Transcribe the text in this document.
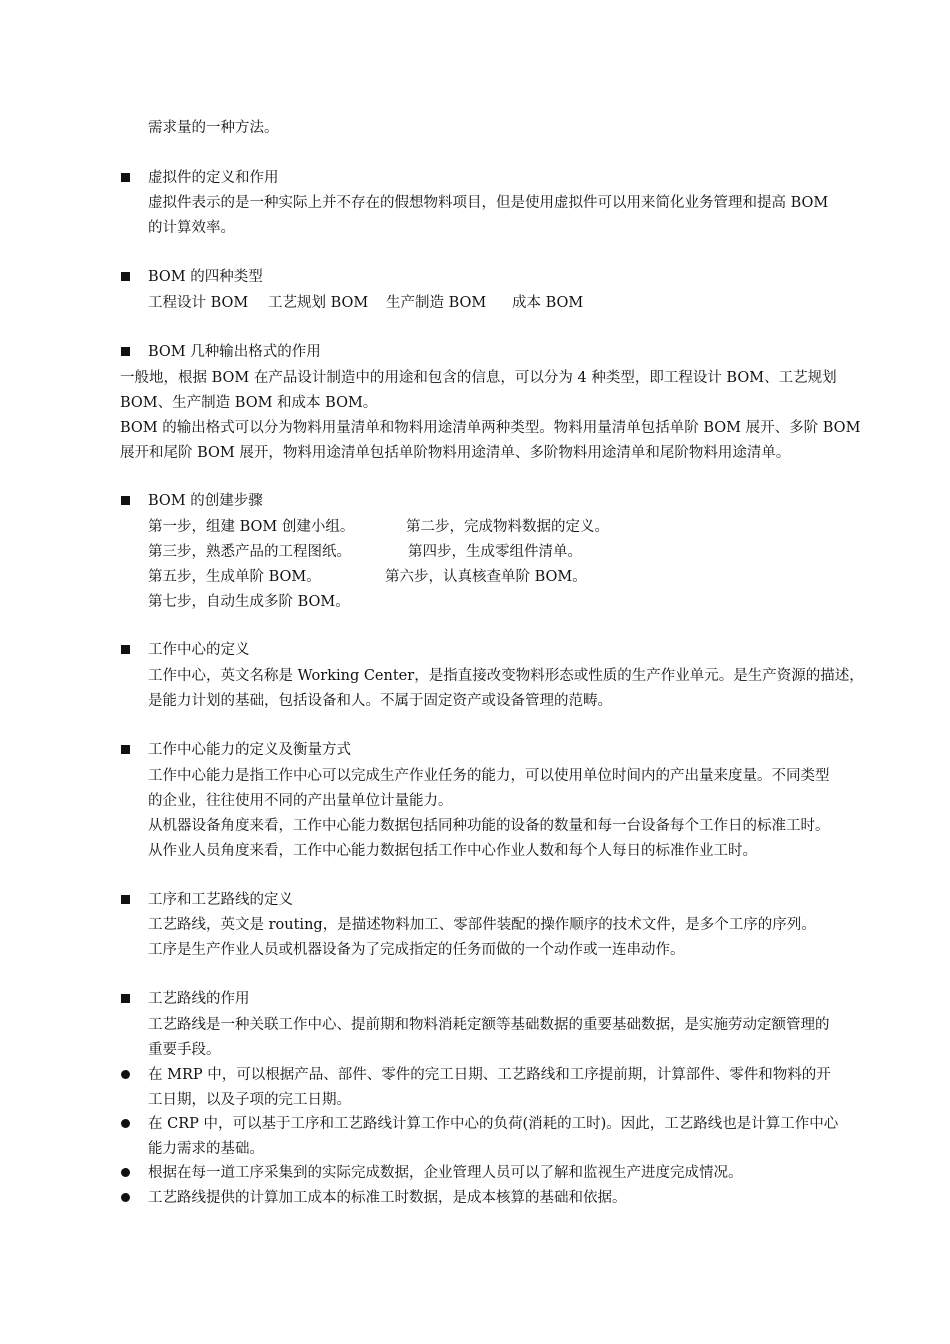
需求量的一种方法。
虚拟件的定义和作用
虚拟件表示的是一种实际上并不存在的假想物料项目，但是使用虚拟件可以用来简化业务管理和提高 BOM
的计算效率。
BOM 的四种类型
工程设计 BOM 工艺规划 BOM 生产制造 BOM 成本 BOM
BOM 几种输出格式的作用
一般地，根据 BOM 在产品设计制造中的用途和包含的信息，可以分为 4 种类型，即工程设计 BOM、工艺规划
BOM、生产制造 BOM 和成本 BOM。
BOM 的输出格式可以分为物料用量清单和物料用途清单两种类型。物料用量清单包括单阶 BOM 展开、多阶 BOM
展开和尾阶 BOM 展开，物料用途清单包括单阶物料用途清单、多阶物料用途清单和尾阶物料用途清单。
BOM 的创建步骤
第一步，组建 BOM 创建小组。	第二步，完成物料数据的定义。
第三步，熟悉产品的工程图纸。	第四步，生成零组件清单。
第五步，生成单阶 BOM。	第六步，认真核查单阶 BOM。
第七步，自动生成多阶 BOM。
工作中心的定义
工作中心，英文名称是 Working Center，是指直接改变物料形态或性质的生产作业单元。是生产资源的描述，
是能力计划的基础，包括设备和人。不属于固定资产或设备管理的范畴。
工作中心能力的定义及衡量方式
工作中心能力是指工作中心可以完成生产作业任务的能力，可以使用单位时间内的产出量来度量。不同类型
的企业，往往使用不同的产出量单位计量能力。
从机器设备角度来看，工作中心能力数据包括同种功能的设备的数量和每一台设备每个工作日的标准工时。
从作业人员角度来看，工作中心能力数据包括工作中心作业人数和每个人每日的标准作业工时。
工序和工艺路线的定义
工艺路线，英文是 routing，是描述物料加工、零部件装配的操作顺序的技术文件，是多个工序的序列。
工序是生产作业人员或机器设备为了完成指定的任务而做的一个动作或一连串动作。
工艺路线的作用
工艺路线是一种关联工作中心、提前期和物料消耗定额等基础数据的重要基础数据，是实施劳动定额管理的
重要手段。
在 MRP 中，可以根据产品、部件、零件的完工日期、工艺路线和工序提前期，计算部件、零件和物料的开
工日期，以及子项的完工日期。
在 CRP 中，可以基于工序和工艺路线计算工作中心的负荷(消耗的工时)。因此，工艺路线也是计算工作中心
能力需求的基础。
根据在每一道工序采集到的实际完成数据，企业管理人员可以了解和监视生产进度完成情况。
工艺路线提供的计算加工成本的标准工时数据，是成本核算的基础和依据。
